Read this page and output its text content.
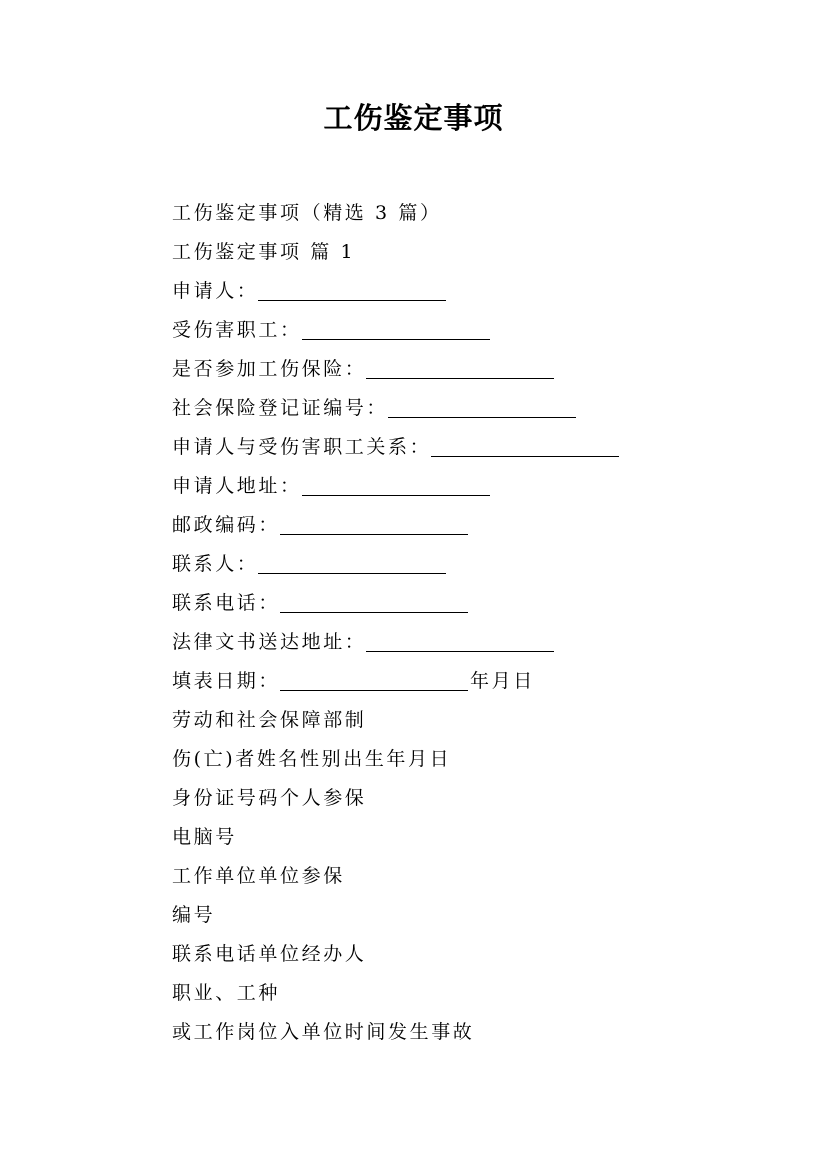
工伤鉴定事项
工伤鉴定事项（精选 3 篇）
工伤鉴定事项 篇 1
申请人：
受伤害职工：
是否参加工伤保险：
社会保险登记证编号：
申请人与受伤害职工关系：
申请人地址：
邮政编码：
联系人：
联系电话：
法律文书送达地址：
填表日期：	年月日
劳动和社会保障部制
伤(亡)者姓名性别出生年月日
身份证号码个人参保
电脑号
工作单位单位参保
编号
联系电话单位经办人
职业、工种
或工作岗位入单位时间发生事故
